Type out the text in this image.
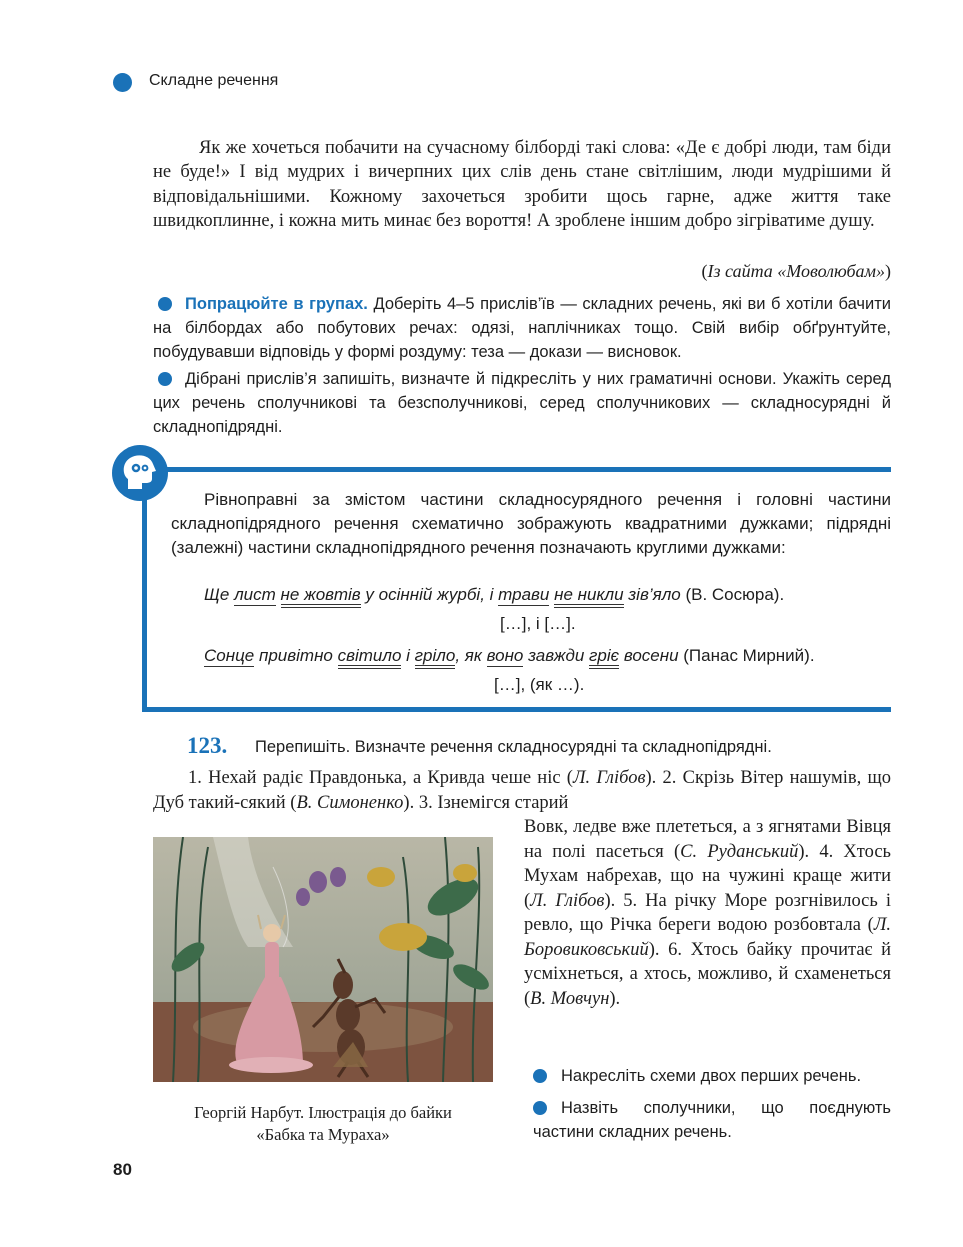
Складне речення

Як же хочеться побачити на сучасному білборді такі слова: «Де є добрі люди, там біди не буде!» І від мудрих і вичерпних цих слів день стане світлішим, люди мудрішими й відповідальнішими. Кожному захочеться зробити щось гарне, адже життя таке швидкоплинне, і кожна мить минає без вороття! А зроблене іншим добро зігріватиме душу.

(Із сайта «Моволюбам»)

Попрацюйте в групах. Доберіть 4–5 прислів’їв — складних речень, які ви б хотіли бачити на білбордах або побутових речах: одязі, наплічниках тощо. Свій вибір обґрунтуйте, побудувавши відповідь у формі роздуму: теза — докази — висновок.

Дібрані прислів’я запишіть, визначте й підкресліть у них граматичні основи. Укажіть серед цих речень сполучникові та безсполучникові, серед сполучникових — складносурядні й складнопідрядні.

Рівноправні за змістом частини складносурядного речення і головні частини складнопідрядного речення схематично зображують квадратними дужками; підрядні (залежні) частини складнопідрядного речення позначають круглими дужками:

Ще лист не жовтів у осінній журбі, і трави не никли зів’яло (В. Сосюра).
[…], і […].
Сонце привітно світило і гріло, як воно завжди гріє восени (Панас Мирний).
[…], (як …).
123. Перепишіть. Визначте речення складносурядні та складнопідрядні.

1. Нехай радіє Правдонька, а Кривда чеше ніс (Л. Глібов). 2. Скрізь Вітер нашумів, що Дуб такий-сякий (В. Симоненко). 3. Ізнемігся старий

Вовк, ледве вже плететься, а з ягнятами Вівця на полі пасеться (С. Руданський). 4. Хтось Мухам набрехав, що на чужині краще жити (Л. Глібов). 5. На річку Море розгнівилось і ревло, що Річка береги водою розбовтала (Л. Боровиковський). 6. Хтось байку прочитає й усміхнеться, а хтось, можливо, й схаменеться (В. Мовчун).

Георгій Нарбут. Ілюстрація до байки
«Бабка та Мураха»

Накресліть схеми двох перших речень.

Назвіть сполучники, що поєднують частини складних речень.

80
